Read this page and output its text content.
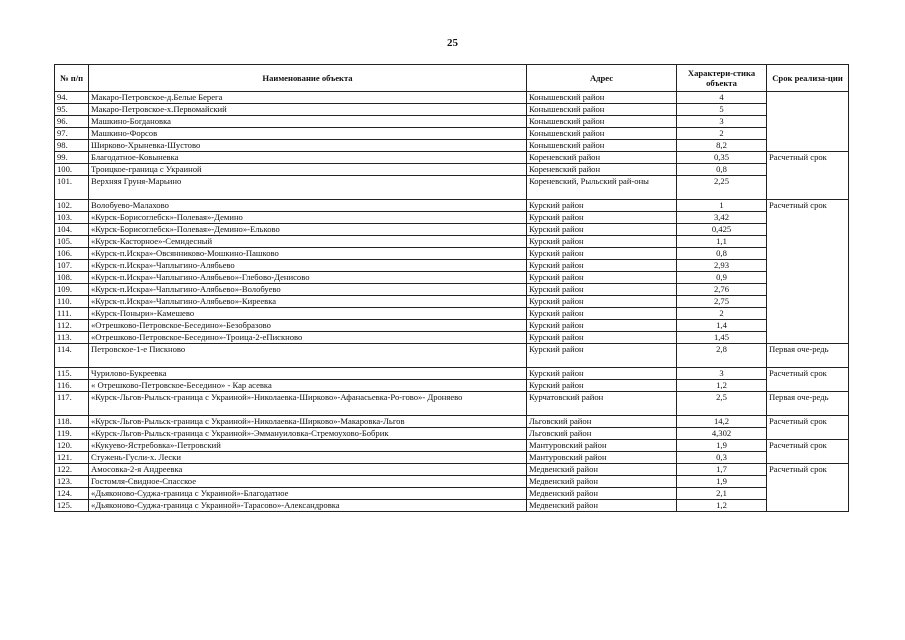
25
№ п/п	Наименование объекта	Адрес	Характери-стика объекта	Срок реализа-ции
94.	Макаро-Петровское-д.Белые Берега	Конышевский район	4	
95.	Макаро-Петровское-х.Первомайский	Конышевский район	5	
96.	Машкино-Богдановка	Конышевский район	3	
97.	Машкино-Форсов	Конышевский район	2	
98.	Ширково-Хрыневка-Шустово	Конышевский район	8,2	
99.	Благодатное-Ковыневка	Кореневский район	0,35	Расчетный срок
100.	Троицкое-граница с Украиной	Кореневский район	0,8	
101.	Верхняя Груня-Марьино	Кореневский, Рыльский рай-оны	2,25	
102.	Волобуево-Малахово	Курский район	1	Расчетный срок
103.	«Курск-Борисоглебск»-Полевая»-Демино	Курский район	3,42	
104.	«Курск-Борисоглебск»-Полевая»-Демино»-Ельково	Курский район	0,425	
105.	«Курск-Касторное»-Семидесный	Курский район	1,1	
106.	«Курск-п.Искра»-Овсянниково-Мошкино-Пашково	Курский район	0,8	
107.	«Курск-п.Искра»-Чаплыгино-Алябьево	Курский район	2,93	
108.	«Курск-п.Искра»-Чаплыгино-Алябьево»-Глебово-Денисово	Курский район	0,9	
109.	«Курск-п.Искра»-Чаплыгино-Алябьево»-Волобуево	Курский район	2,76	
110.	«Курск-п.Искра»-Чаплыгино-Алябьево»-Киреевка	Курский район	2,75	
111.	«Курск-Поныри»-Камешево	Курский район	2	
112.	«Отрешково-Петровское-Беседино»-Безобразово	Курский район	1,4	
113.	«Отрешково-Петровское-Беседино»-Троица-2-еПискново	Курский район	1,45	
114.	Петровское-1-е Пискново	Курский район	2,8	Первая оче-редь
115.	Чурилово-Букреевка	Курский район	3	Расчетный срок
116.	« Отрешково-Петровское-Беседино» - Кар асевка	Курский район	1,2	
117.	«Курск-Льгов-Рыльск-граница с Украиной»-Николаевка-Ширково»-Афанасьевка-Ро-гово»- Дроняево	Курчатовский район	2,5	Первая оче-редь
118.	«Курск-Льгов-Рыльск-граница с Украиной»-Николаевка-Ширково»-Макаровка-Льгов	Льговский район	14,2	Расчетный срок
119.	«Курск-Льгов-Рыльск-граница с Украиной»-Эммануиловка-Стремоухово-Бобрик	Льговский район	4,302	
120.	«Кукуево-Ястребовка»-Петровский	Мантуровский район	1,9	Расчетный срок
121.	Стужень-Гусли-х. Лески	Мантуровский район	0,3	
122.	Амосовка-2-я Андреевка	Медвенский район	1,7	Расчетный срок
123.	Гостомля-Свидное-Спасское	Медвенский район	1,9	
124.	«Дьяконово-Суджа-граница с Украиной»-Благодатное	Медвенский район	2,1	
125.	«Дьяконово-Суджа-граница с Украиной»-Тарасово»-Александровка	Медвенский район	1,2	
